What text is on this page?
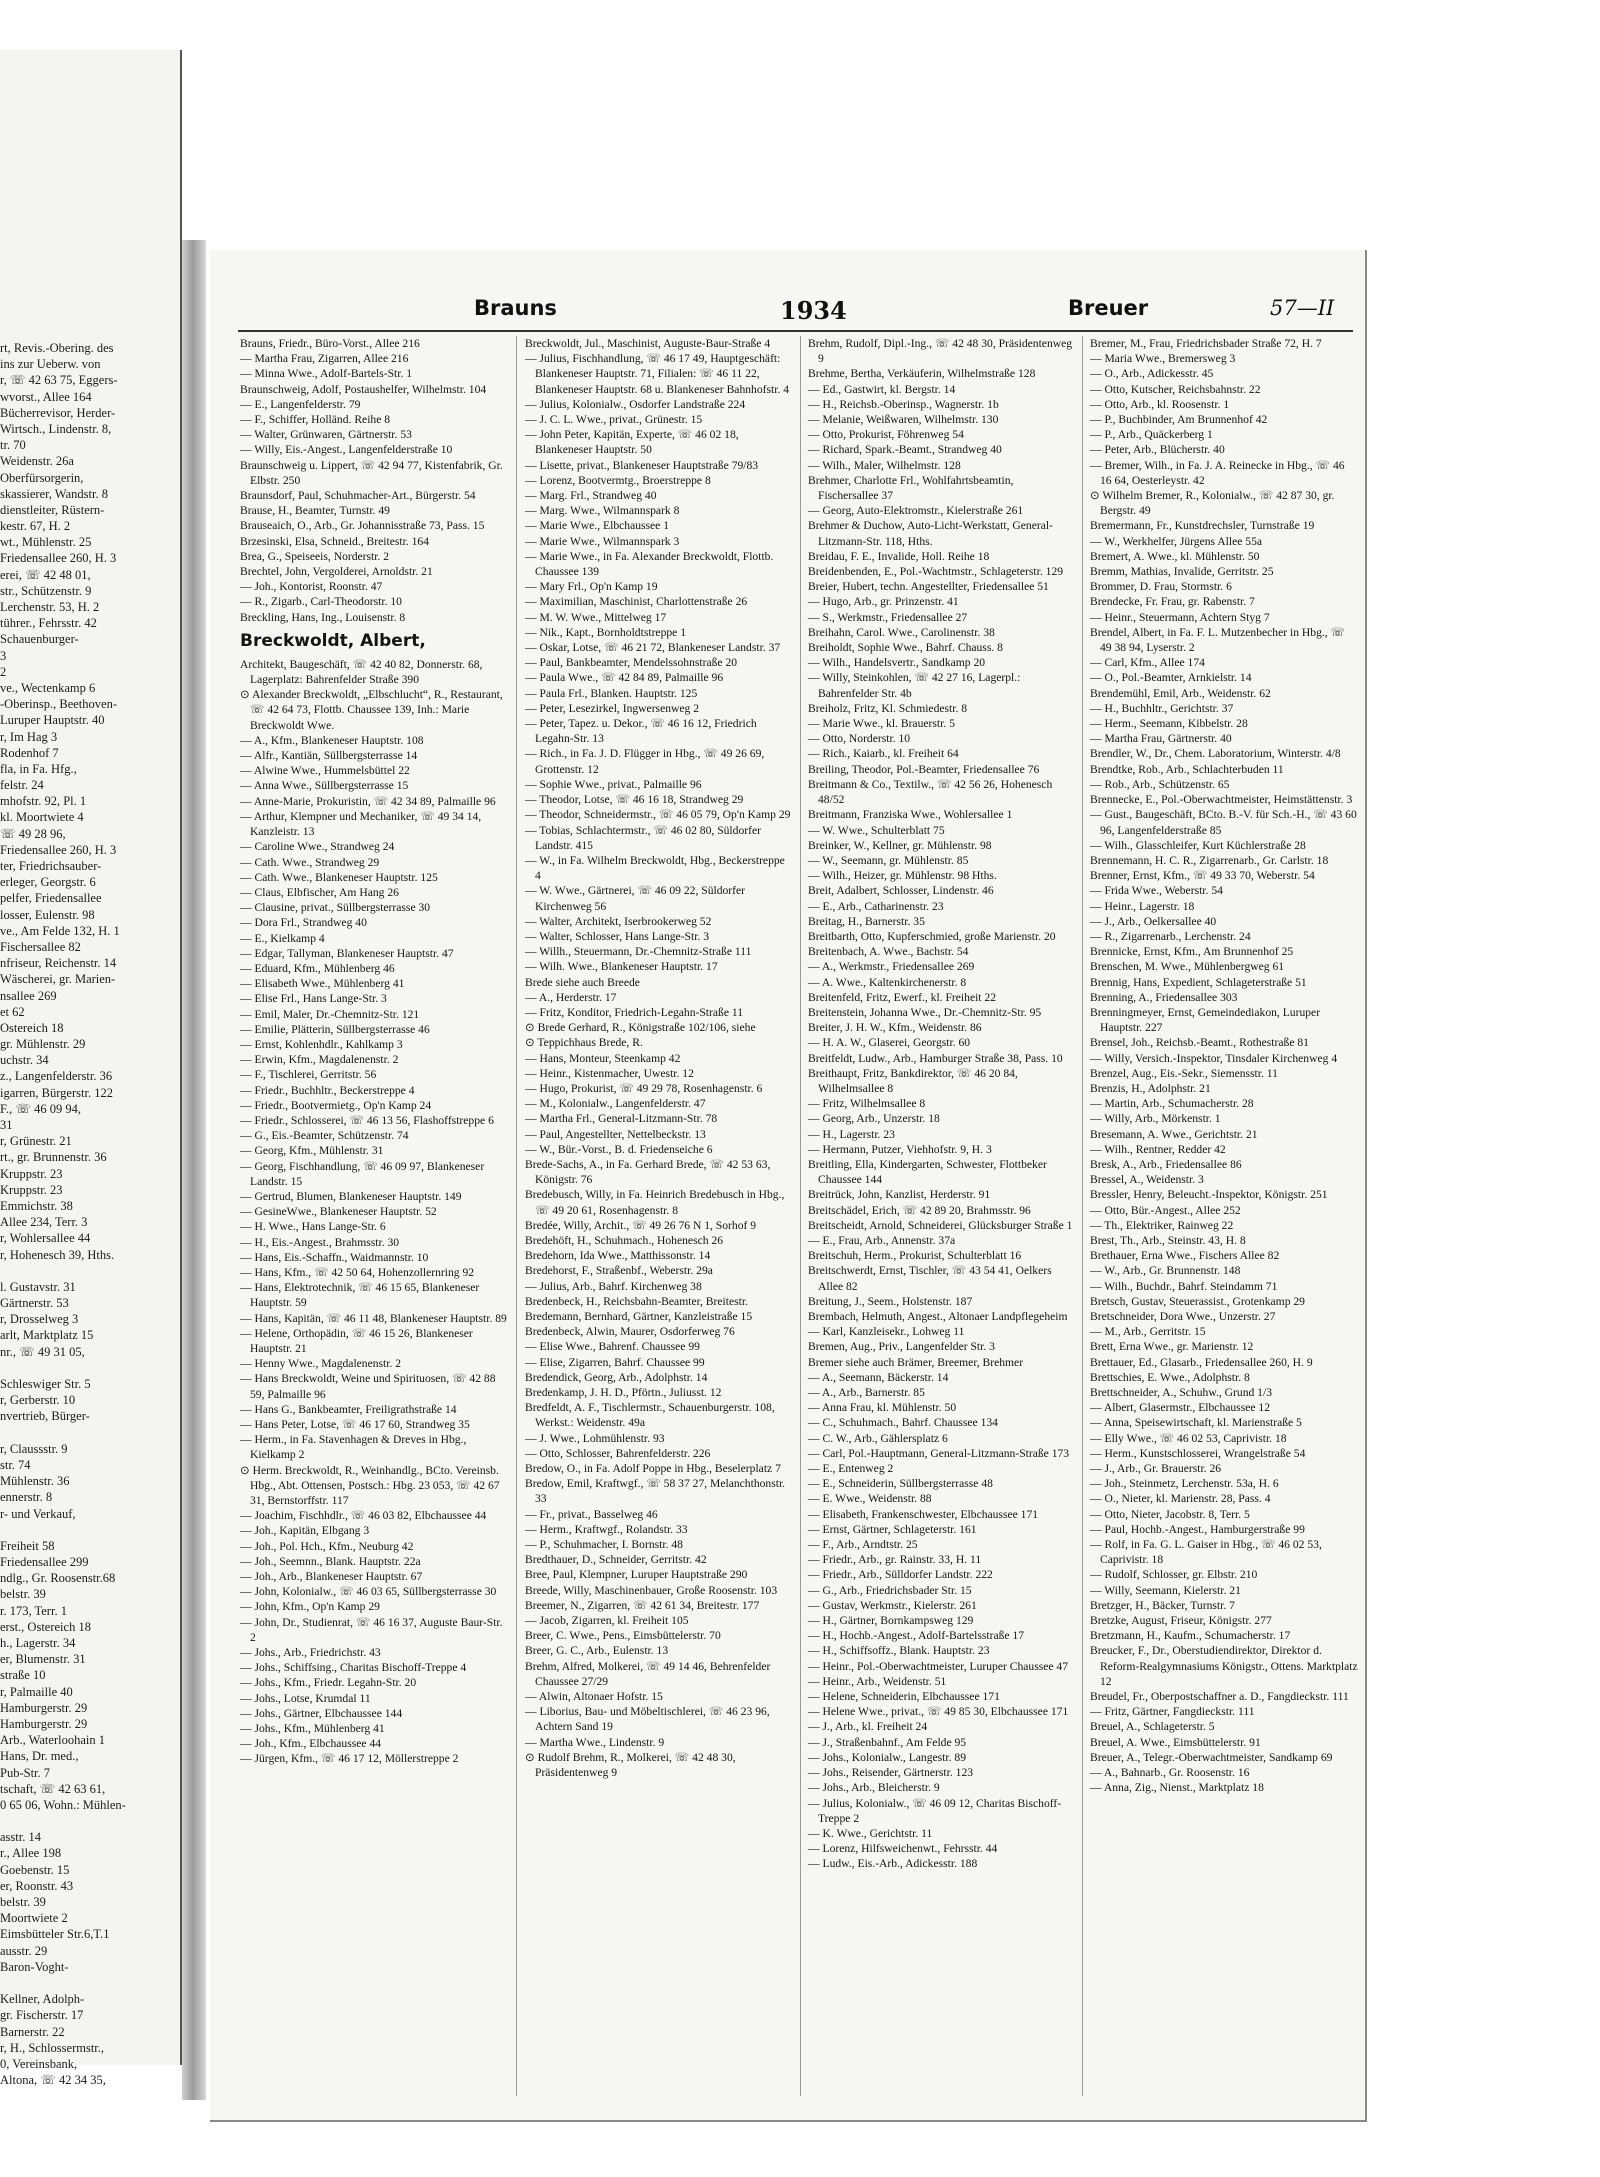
rt, Revis.-Obering. des
ins zur Ueberw. von
r, ☏ 42 63 75, Eggers-
wvorst., Allee 164
Bücherrevisor, Herder-
Wirtsch., Lindenstr. 8,
tr. 70
Weidenstr. 26a
Oberfürsorgerin,
skassierer, Wandstr. 8
dienstleiter, Rüstern-
kestr. 67, H. 2
wt., Mühlenstr. 25
Friedensallee 260, H. 3
erei, ☏ 42 48 01,
str., Schützenstr. 9
Lerchenstr. 53, H. 2
tührer., Fehrsstr. 42
Schauenburger-
3
2
ve., Wectenkamp 6
-Oberinsp., Beethoven-
Luruper Hauptstr. 40
r, Im Hag 3
Rodenhof 7
fla, in Fa. Hfg.,
felstr. 24
mhofstr. 92, Pl. 1
kl. Moortwiete 4
☏ 49 28 96,
Friedensallee 260, H. 3
ter, Friedrichsauber-
erleger, Georgstr. 6
pelfer, Friedensallee
losser, Eulenstr. 98
ve., Am Felde 132, H. 1
Fischersallee 82
nfriseur, Reichenstr. 14
Wäscherei, gr. Marien-
nsallee 269
et 62
Ostereich 18
gr. Mühlenstr. 29
uchstr. 34
z., Langenfelderstr. 36
igarren, Bürgerstr. 122
F., ☏ 46 09 94,
31
r, Grünestr. 21
rt., gr. Brunnenstr. 36
Kruppstr. 23
Kruppstr. 23
Emmichstr. 38
Allee 234, Terr. 3
r, Wohlersallee 44
r, Hohenesch 39, Hths.
l. Gustavstr. 31
Gärtnerstr. 53
r, Drosselweg 3
arlt, Marktplatz 15
nr., ☏ 49 31 05,
Schleswiger Str. 5
r, Gerberstr. 10
nvertrieb, Bürger-
r, Claussstr. 9
str. 74
Mühlenstr. 36
ennerstr. 8
r- und Verkauf,
Freiheit 58
Friedensallee 299
ndlg., Gr. Roosenstr.68
belstr. 39
r. 173, Terr. 1
erst., Ostereich 18
h., Lagerstr. 34
er, Blumenstr. 31
straße 10
r, Palmaille 40
Hamburgerstr. 29
Hamburgerstr. 29
Arb., Waterloohain 1
Hans, Dr. med.,
Pub-Str. 7
tschaft, ☏ 42 63 61,
0 65 06, Wohn.: Mühlen-
asstr. 14
r., Allee 198
Goebenstr. 15
er, Roonstr. 43
belstr. 39
Moortwiete 2
Eimsbütteler Str.6,T.1
ausstr. 29
Baron-Voght-
Kellner, Adolph-
gr. Fischerstr. 17
Barnerstr. 22
r, H., Schlossermstr.,
0, Vereinsbank,
Altona, ☏ 42 34 35,
Brauns	1934	Breuer	57—II
Brauns, Friedr., Büro-Vorst., Allee 216
— Martha Frau, Zigarren, Allee 216
— Minna Wwe., Adolf-Bartels-Str. 1
Braunschweig, Adolf, Postaushelfer, Wilhelmstr. 104
— E., Langenfelderstr. 79
— F., Schiffer, Holländ. Reihe 8
— Walter, Grünwaren, Gärtnerstr. 53
— Willy, Eis.-Angest., Langenfelderstraße 10
Braunschweig u. Lippert, ☏ 42 94 77, Kistenfabrik, Gr. Elbstr. 250
Braunsdorf, Paul, Schuhmacher-Art., Bürgerstr. 54
Brause, H., Beamter, Turnstr. 49
Brauseaich, O., Arb., Gr. Johannisstraße 73, Pass. 15
Brzesinski, Elsa, Schneid., Breitestr. 164
Brea, G., Speiseeis, Norderstr. 2
Brechtel, John, Vergolderei, Arnoldstr. 21
— Joh., Kontorist, Roonstr. 47
— R., Zigarb., Carl-Theodorstr. 10
Breckling, Hans, Ing., Louisenstr. 8
Breckwoldt, Albert,
Architekt, Baugeschäft, ☏ 42 40 82, Donnerstr. 68, Lagerplatz: Bahrenfelder Straße 390
⊙ Alexander Breckwoldt, „Elbschlucht“, R., Restaurant, ☏ 42 64 73, Flottb. Chaussee 139, Inh.: Marie Breckwoldt Wwe.
— A., Kfm., Blankeneser Hauptstr. 108
— Alfr., Kantiän, Süllbergsterrasse 14
— Alwine Wwe., Hummelsbüttel 22
— Anna Wwe., Süllbergsterrasse 15
— Anne-Marie, Prokuristin, ☏ 42 34 89, Palmaille 96
— Arthur, Klempner und Mechaniker, ☏ 49 34 14, Kanzleistr. 13
— Caroline Wwe., Strandweg 24
— Cath. Wwe., Strandweg 29
— Cath. Wwe., Blankeneser Hauptstr. 125
— Claus, Elbfischer, Am Hang 26
— Clausine, privat., Süllbergsterrasse 30
— Dora Frl., Strandweg 40
— E., Kielkamp 4
— Edgar, Tallyman, Blankeneser Hauptstr. 47
— Eduard, Kfm., Mühlenberg 46
— Elisabeth Wwe., Mühlenberg 41
— Elise Frl., Hans Lange-Str. 3
— Emil, Maler, Dr.-Chemnitz-Str. 121
— Emilie, Plätterin, Süllbergsterrasse 46
— Ernst, Kohlenhdlr., Kahlkamp 3
— Erwin, Kfm., Magdalenenstr. 2
— F., Tischlerei, Gerritstr. 56
— Friedr., Buchhltr., Beckerstreppe 4
— Friedr., Bootvermietg., Op'n Kamp 24
— Friedr., Schlosserei, ☏ 46 13 56, Flashoffstreppe 6
— G., Eis.-Beamter, Schützenstr. 74
— Georg, Kfm., Mühlenstr. 31
— Georg, Fischhandlung, ☏ 46 09 97, Blankeneser Landstr. 15
— Gertrud, Blumen, Blankeneser Hauptstr. 149
— GesineWwe., Blankeneser Hauptstr. 52
— H. Wwe., Hans Lange-Str. 6
— H., Eis.-Angest., Brahmsstr. 30
— Hans, Eis.-Schaffn., Waidmannstr. 10
— Hans, Kfm., ☏ 42 50 64, Hohenzollernring 92
— Hans, Elektrotechnik, ☏ 46 15 65, Blankeneser Hauptstr. 59
— Hans, Kapitän, ☏ 46 11 48, Blankeneser Hauptstr. 89
— Helene, Orthopädin, ☏ 46 15 26, Blankeneser Hauptstr. 21
— Henny Wwe., Magdalenenstr. 2
— Hans Breckwoldt, Weine und Spirituosen, ☏ 42 88 59, Palmaille 96
— Hans G., Bankbeamter, Freiligrathstraße 14
— Hans Peter, Lotse, ☏ 46 17 60, Strandweg 35
— Herm., in Fa. Stavenhagen & Dreves in Hbg., Kielkamp 2
⊙ Herm. Breckwoldt, R., Weinhandlg., BCto. Vereinsb. Hbg., Abt. Ottensen, Postsch.: Hbg. 23 053, ☏ 42 67 31, Bernstorffstr. 117
— Joachim, Fischhdlr., ☏ 46 03 82, Elbchaussee 44
— Joh., Kapitän, Elbgang 3
— Joh., Pol. Hch., Kfm., Neuburg 42
— Joh., Seemnn., Blank. Hauptstr. 22a
— Joh., Arb., Blankeneser Hauptstr. 67
— John, Kolonialw., ☏ 46 03 65, Süllbergsterrasse 30
— John, Kfm., Op'n Kamp 29
— John, Dr., Studienrat, ☏ 46 16 37, Auguste Baur-Str. 2
— Johs., Arb., Friedrichstr. 43
— Johs., Schiffsing., Charitas Bischoff-Treppe 4
— Johs., Kfm., Friedr. Legahn-Str. 20
— Johs., Lotse, Krumdal 11
— Johs., Gärtner, Elbchaussee 144
— Johs., Kfm., Mühlenberg 41
— Joh., Kfm., Elbchaussee 44
— Jürgen, Kfm., ☏ 46 17 12, Möllerstreppe 2
Breckwoldt, Jul., Maschinist, Auguste-Baur-Straße 4
— Julius, Fischhandlung, ☏ 46 17 49, Hauptgeschäft: Blankeneser Hauptstr. 71, Filialen: ☏ 46 11 22, Blankeneser Hauptstr. 68 u. Blankeneser Bahnhofstr. 4
— Julius, Kolonialw., Osdorfer Landstraße 224
— J. C. L. Wwe., privat., Grünestr. 15
— John Peter, Kapitän, Experte, ☏ 46 02 18, Blankeneser Hauptstr. 50
— Lisette, privat., Blankeneser Hauptstraße 79/83
— Lorenz, Bootvermtg., Broerstreppe 8
— Marg. Frl., Strandweg 40
— Marg. Wwe., Wilmannspark 8
— Marie Wwe., Elbchaussee 1
— Marie Wwe., Wilmannspark 3
— Marie Wwe., in Fa. Alexander Breckwoldt, Flottb. Chaussee 139
— Mary Frl., Op'n Kamp 19
— Maximilian, Maschinist, Charlottenstraße 26
— M. W. Wwe., Mittelweg 17
— Nik., Kapt., Bornholdtstreppe 1
— Oskar, Lotse, ☏ 46 21 72, Blankeneser Landstr. 37
— Paul, Bankbeamter, Mendelssohnstraße 20
— Paula Wwe., ☏ 42 84 89, Palmaille 96
— Paula Frl., Blanken. Hauptstr. 125
— Peter, Lesezirkel, Ingwersenweg 2
— Peter, Tapez. u. Dekor., ☏ 46 16 12, Friedrich Legahn-Str. 13
— Rich., in Fa. J. D. Flügger in Hbg., ☏ 49 26 69, Grottenstr. 12
— Sophie Wwe., privat., Palmaille 96
— Theodor, Lotse, ☏ 46 16 18, Strandweg 29
— Theodor, Schneidermstr., ☏ 46 05 79, Op'n Kamp 29
— Tobias, Schlachtermstr., ☏ 46 02 80, Süldorfer Landstr. 415
— W., in Fa. Wilhelm Breckwoldt, Hbg., Beckerstreppe 4
— W. Wwe., Gärtnerei, ☏ 46 09 22, Süldorfer Kirchenweg 56
— Walter, Architekt, Iserbrookerweg 52
— Walter, Schlosser, Hans Lange-Str. 3
— Willh., Steuermann, Dr.-Chemnitz-Straße 111
— Wilh. Wwe., Blankeneser Hauptstr. 17
Brede siehe auch Breede
— A., Herderstr. 17
— Fritz, Konditor, Friedrich-Legahn-Straße 11
⊙ Brede Gerhard, R., Königstraße 102/106, siehe
⊙ Teppichhaus Brede, R.
— Hans, Monteur, Steenkamp 42
— Heinr., Kistenmacher, Uwestr. 12
— Hugo, Prokurist, ☏ 49 29 78, Rosenhagenstr. 6
— M., Kolonialw., Langenfelderstr. 47
— Martha Frl., General-Litzmann-Str. 78
— Paul, Angestellter, Nettelbeckstr. 13
— W., Bür.-Vorst., B. d. Friedenseiche 6
Brede-Sachs, A., in Fa. Gerhard Brede, ☏ 42 53 63, Königstr. 76
Bredebusch, Willy, in Fa. Heinrich Bredebusch in Hbg., ☏ 49 20 61, Rosenhagenstr. 8
Bredée, Willy, Archit., ☏ 49 26 76 N 1, Sorhof 9
Bredehöft, H., Schuhmach., Hohenesch 26
Bredehorn, Ida Wwe., Matthissonstr. 14
Bredehorst, F., Straßenbf., Weberstr. 29a
— Julius, Arb., Bahrf. Kirchenweg 38
Bredenbeck, H., Reichsbahn-Beamter, Breitestr.
Bredemann, Bernhard, Gärtner, Kanzleistraße 15
Bredenbeck, Alwin, Maurer, Osdorferweg 76
— Elise Wwe., Bahrenf. Chaussee 99
— Elise, Zigarren, Bahrf. Chaussee 99
Bredendick, Georg, Arb., Adolphstr. 14
Bredenkamp, J. H. D., Pförtn., Juliusst. 12
Bredfeldt, A. F., Tischlermstr., Schauenburgerstr. 108, Werkst.: Weidenstr. 49a
— J. Wwe., Lohmühlenstr. 93
— Otto, Schlosser, Bahrenfelderstr. 226
Bredow, O., in Fa. Adolf Poppe in Hbg., Beselerplatz 7
Bredow, Emil, Kraftwgf., ☏ 58 37 27, Melanchthonstr. 33
— Fr., privat., Basselweg 46
— Herm., Kraftwgf., Rolandstr. 33
— P., Schuhmacher, I. Bornstr. 48
Bredthauer, D., Schneider, Gerritstr. 42
Bree, Paul, Klempner, Luruper Hauptstraße 290
Breede, Willy, Maschinenbauer, Große Roosenstr. 103
Breemer, N., Zigarren, ☏ 42 61 34, Breitestr. 177
— Jacob, Zigarren, kl. Freiheit 105
Breer, C. Wwe., Pens., Eimsbüttelerstr. 70
Breer, G. C., Arb., Eulenstr. 13
Brehm, Alfred, Molkerei, ☏ 49 14 46, Behrenfelder Chaussee 27/29
— Alwin, Altonaer Hofstr. 15
— Liborius, Bau- und Möbeltischlerei, ☏ 46 23 96, Achtern Sand 19
— Martha Wwe., Lindenstr. 9
⊙ Rudolf Brehm, R., Molkerei, ☏ 42 48 30, Präsidentenweg 9
Brehm, Rudolf, Dipl.-Ing., ☏ 42 48 30, Präsidentenweg 9
Brehme, Bertha, Verkäuferin, Wilhelmstraße 128
— Ed., Gastwirt, kl. Bergstr. 14
— H., Reichsb.-Oberinsp., Wagnerstr. 1b
— Melanie, Weißwaren, Wilhelmstr. 130
— Otto, Prokurist, Föhrenweg 54
— Richard, Spark.-Beamt., Strandweg 40
— Wilh., Maler, Wilhelmstr. 128
Brehmer, Charlotte Frl., Wohlfahrtsbeamtin, Fischersallee 37
— Georg, Auto-Elektromstr., Kielerstraße 261
Brehmer & Duchow, Auto-Licht-Werkstatt, General-Litzmann-Str. 118, Hths.
Breidau, F. E., Invalide, Holl. Reihe 18
Breidenbenden, E., Pol.-Wachtmstr., Schlageterstr. 129
Breier, Hubert, techn. Angestellter, Friedensallee 51
— Hugo, Arb., gr. Prinzenstr. 41
— S., Werkmstr., Friedensallee 27
Breihahn, Carol. Wwe., Carolinenstr. 38
Breiholdt, Sophie Wwe., Bahrf. Chauss. 8
— Wilh., Handelsvertr., Sandkamp 20
— Willy, Steinkohlen, ☏ 42 27 16, Lagerpl.: Bahrenfelder Str. 4b
Breiholz, Fritz, Kl. Schmiedestr. 8
— Marie Wwe., kl. Brauerstr. 5
— Otto, Norderstr. 10
— Rich., Kaiarb., kl. Freiheit 64
Breiling, Theodor, Pol.-Beamter, Friedensallee 76
Breitmann & Co., Textilw., ☏ 42 56 26, Hohenesch 48/52
Breitmann, Franziska Wwe., Wohlersallee 1
— W. Wwe., Schulterblatt 75
Breinker, W., Kellner, gr. Mühlenstr. 98
— W., Seemann, gr. Mühlenstr. 85
— Wilh., Heizer, gr. Mühlenstr. 98 Hths.
Breit, Adalbert, Schlosser, Lindenstr. 46
— E., Arb., Catharinenstr. 23
Breitag, H., Barnerstr. 35
Breitbarth, Otto, Kupferschmied, große Marienstr. 20
Breitenbach, A. Wwe., Bachstr. 54
— A., Werkmstr., Friedensallee 269
— A. Wwe., Kaltenkirchenerstr. 8
Breitenfeld, Fritz, Ewerf., kl. Freiheit 22
Breitenstein, Johanna Wwe., Dr.-Chemnitz-Str. 95
Breiter, J. H. W., Kfm., Weidenstr. 86
— H. A. W., Glaserei, Georgstr. 60
Breitfeldt, Ludw., Arb., Hamburger Straße 38, Pass. 10
Breithaupt, Fritz, Bankdirektor, ☏ 46 20 84, Wilhelmsallee 8
— Fritz, Wilhelmsallee 8
— Georg, Arb., Unzerstr. 18
— H., Lagerstr. 23
— Hermann, Putzer, Viehhofstr. 9, H. 3
Breitling, Ella, Kindergarten, Schwester, Flottbeker Chaussee 144
Breitrück, John, Kanzlist, Herderstr. 91
Breitschädel, Erich, ☏ 42 89 20, Brahmsstr. 96
Breitscheidt, Arnold, Schneiderei, Glücksburger Straße 1
— E., Frau, Arb., Annenstr. 37a
Breitschuh, Herm., Prokurist, Schulterblatt 16
Breitschwerdt, Ernst, Tischler, ☏ 43 54 41, Oelkers Allee 82
Breitung, J., Seem., Holstenstr. 187
Brembach, Helmuth, Angest., Altonaer Landpflegeheim
— Karl, Kanzleisekr., Lohweg 11
Bremen, Aug., Priv., Langenfelder Str. 3
Bremer siehe auch Brämer, Breemer, Brehmer
— A., Seemann, Bäckerstr. 14
— A., Arb., Barnerstr. 85
— Anna Frau, kl. Mühlenstr. 50
— C., Schuhmach., Bahrf. Chaussee 134
— C. W., Arb., Gählersplatz 6
— Carl, Pol.-Hauptmann, General-Litzmann-Straße 173
— E., Entenweg 2
— E., Schneiderin, Süllbergsterrasse 48
— E. Wwe., Weidenstr. 88
— Elisabeth, Frankenschwester, Elbchaussee 171
— Ernst, Gärtner, Schlageterstr. 161
— F., Arb., Arndtstr. 25
— Friedr., Arb., gr. Rainstr. 33, H. 11
— Friedr., Arb., Sülldorfer Landstr. 222
— G., Arb., Friedrichsbader Str. 15
— Gustav, Werkmstr., Kielerstr. 261
— H., Gärtner, Bornkampsweg 129
— H., Hochb.-Angest., Adolf-Bartelsstraße 17
— H., Schiffsoffz., Blank. Hauptstr. 23
— Heinr., Pol.-Oberwachtmeister, Luruper Chaussee 47
— Heinr., Arb., Weidenstr. 51
— Helene, Schneiderin, Elbchaussee 171
— Helene Wwe., privat., ☏ 49 85 30, Elbchaussee 171
— J., Arb., kl. Freiheit 24
— J., Straßenbahnf., Am Felde 95
— Johs., Kolonialw., Langestr. 89
— Johs., Reisender, Gärtnerstr. 123
— Johs., Arb., Bleicherstr. 9
— Julius, Kolonialw., ☏ 46 09 12, Charitas Bischoff-Treppe 2
— K. Wwe., Gerichtstr. 11
— Lorenz, Hilfsweichenwt., Fehrsstr. 44
— Ludw., Eis.-Arb., Adickesstr. 188
Bremer, M., Frau, Friedrichsbader Straße 72, H. 7
— Maria Wwe., Bremersweg 3
— O., Arb., Adickesstr. 45
— Otto, Kutscher, Reichsbahnstr. 22
— Otto, Arb., kl. Roosenstr. 1
— P., Buchbinder, Am Brunnenhof 42
— P., Arb., Quäckerberg 1
— Peter, Arb., Blücherstr. 40
— Bremer, Wilh., in Fa. J. A. Reinecke in Hbg., ☏ 46 16 64, Oesterleystr. 42
⊙ Wilhelm Bremer, R., Kolonialw., ☏ 42 87 30, gr. Bergstr. 49
Bremermann, Fr., Kunstdrechsler, Turnstraße 19
— W., Werkhelfer, Jürgens Allee 55a
Bremert, A. Wwe., kl. Mühlenstr. 50
Bremm, Mathias, Invalide, Gerritstr. 25
Brommer, D. Frau, Stormstr. 6
Brendecke, Fr. Frau, gr. Rabenstr. 7
— Heinr., Steuermann, Achtern Styg 7
Brendel, Albert, in Fa. F. L. Mutzenbecher in Hbg., ☏ 49 38 94, Lyserstr. 2
— Carl, Kfm., Allee 174
— O., Pol.-Beamter, Arnkielstr. 14
Brendemühl, Emil, Arb., Weidenstr. 62
— H., Buchhltr., Gerichtstr. 37
— Herm., Seemann, Kibbelstr. 28
— Martha Frau, Gärtnerstr. 40
Brendler, W., Dr., Chem. Laboratorium, Winterstr. 4/8
Brendtke, Rob., Arb., Schlachterbuden 11
— Rob., Arb., Schützenstr. 65
Brennecke, E., Pol.-Oberwachtmeister, Heimstättenstr. 3
— Gust., Baugeschäft, BCto. B.-V. für Sch.-H., ☏ 43 60 96, Langenfelderstraße 85
— Wilh., Glasschleifer, Kurt Küchlerstraße 28
Brennemann, H. C. R., Zigarrenarb., Gr. Carlstr. 18
Brenner, Ernst, Kfm., ☏ 49 33 70, Weberstr. 54
— Frida Wwe., Weberstr. 54
— Heinr., Lagerstr. 18
— J., Arb., Oelkersallee 40
— R., Zigarrenarb., Lerchenstr. 24
Brennicke, Ernst, Kfm., Am Brunnenhof 25
Brenschen, M. Wwe., Mühlenbergweg 61
Brennig, Hans, Expedient, Schlageterstraße 51
Brenning, A., Friedensallee 303
Brenningmeyer, Ernst, Gemeindediakon, Luruper Hauptstr. 227
Brensel, Joh., Reichsb.-Beamt., Rothestraße 81
— Willy, Versich.-Inspektor, Tinsdaler Kirchenweg 4
Brenzel, Aug., Eis.-Sekr., Siemensstr. 11
Brenzis, H., Adolphstr. 21
— Martin, Arb., Schumacherstr. 28
— Willy, Arb., Mörkenstr. 1
Bresemann, A. Wwe., Gerichtstr. 21
— Wilh., Rentner, Redder 42
Bresk, A., Arb., Friedensallee 86
Bressel, A., Weidenstr. 3
Bressler, Henry, Beleucht.-Inspektor, Königstr. 251
— Otto, Bür.-Angest., Allee 252
— Th., Elektriker, Rainweg 22
Brest, Th., Arb., Steinstr. 43, H. 8
Brethauer, Erna Wwe., Fischers Allee 82
— W., Arb., Gr. Brunnenstr. 148
— Wilh., Buchdr., Bahrf. Steindamm 71
Bretsch, Gustav, Steuerassist., Grotenkamp 29
Bretschneider, Dora Wwe., Unzerstr. 27
— M., Arb., Gerritstr. 15
Brett, Erna Wwe., gr. Marienstr. 12
Brettauer, Ed., Glasarb., Friedensallee 260, H. 9
Brettschies, E. Wwe., Adolphstr. 8
Brettschneider, A., Schuhw., Grund 1/3
— Albert, Glasermstr., Elbchaussee 12
— Anna, Speisewirtschaft, kl. Marienstraße 5
— Elly Wwe., ☏ 46 02 53, Caprivistr. 18
— Herm., Kunstschlosserei, Wrangelstraße 54
— J., Arb., Gr. Brauerstr. 26
— Joh., Steinmetz, Lerchenstr. 53a, H. 6
— O., Nieter, kl. Marienstr. 28, Pass. 4
— Otto, Nieter, Jacobstr. 8, Terr. 5
— Paul, Hochb.-Angest., Hamburgerstraße 99
— Rolf, in Fa. G. L. Gaiser in Hbg., ☏ 46 02 53, Caprivistr. 18
— Rudolf, Schlosser, gr. Elbstr. 210
— Willy, Seemann, Kielerstr. 21
Bretzger, H., Bäcker, Turnstr. 7
Bretzke, August, Friseur, Königstr. 277
Bretzmann, H., Kaufm., Schumacherstr. 17
Breucker, F., Dr., Oberstudiendirektor, Direktor d. Reform-Realgymnasiums Königstr., Ottens. Marktplatz 12
Breudel, Fr., Oberpostschaffner a. D., Fangdieckstr. 111
— Fritz, Gärtner, Fangdieckstr. 111
Breuel, A., Schlageterstr. 5
Breuel, A. Wwe., Eimsbüttelerstr. 91
Breuer, A., Telegr.-Oberwachtmeister, Sandkamp 69
— A., Bahnarb., Gr. Roosenstr. 16
— Anna, Zig., Nienst., Marktplatz 18
